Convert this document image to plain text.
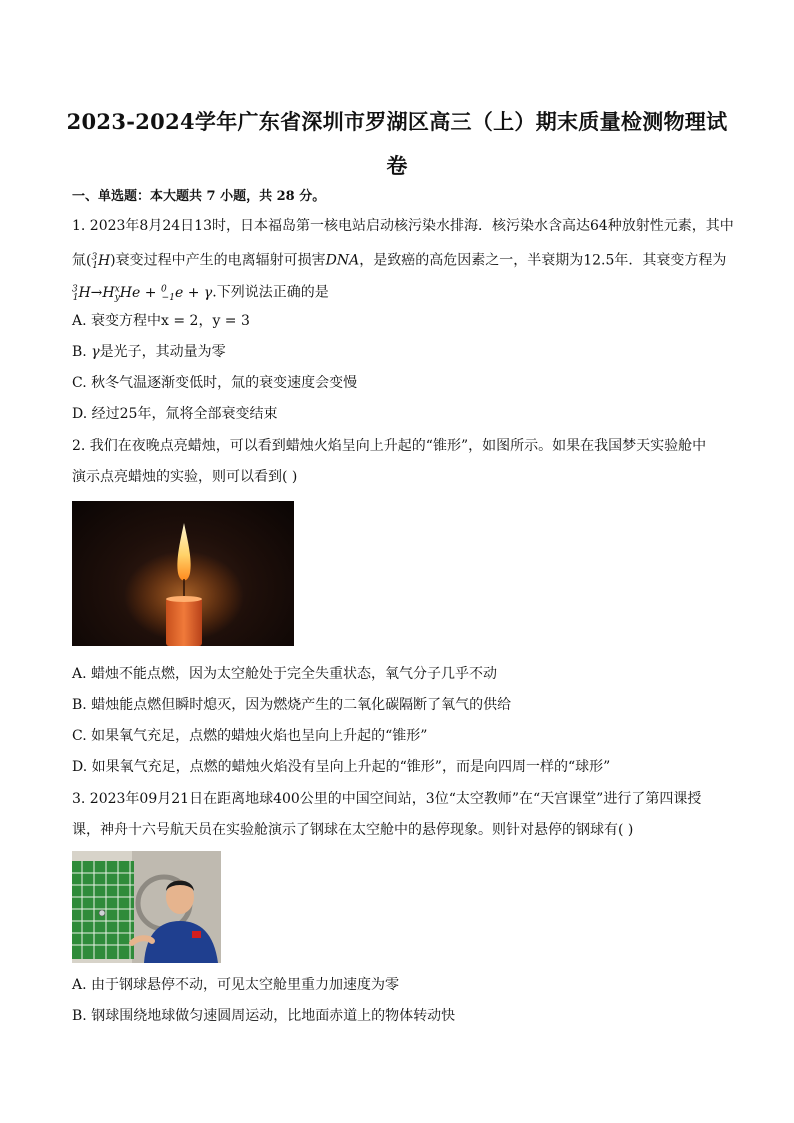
2023-2024学年广东省深圳市罗湖区高三（上）期末质量检测物理试
卷
一、单选题：本大题共 7 小题，共 28 分。
1. 2023年8月24日13时，日本福岛第一核电站启动核污染水排海．核污染水含高达64种放射性元素，其中
氚($^3_1$H)衰变过程中产生的电离辐射可损害DNA，是致癌的高危因素之一，半衰期为12.5年．其衰变方程为
$^3_1H\to H^x_yHe + ^0_{-1}e + \gamma$.下列说法正确的是
A. 衰变方程中x = 2，y = 3
B. γ是光子，其动量为零
C. 秋冬气温逐渐变低时，氚的衰变速度会变慢
D. 经过25年，氚将全部衰变结束
2. 我们在夜晚点亮蜡烛，可以看到蜡烛火焰呈向上升起的“锥形”，如图所示。如果在我国梦天实验舱中
演示点亮蜡烛的实验，则可以看到( )
A. 蜡烛不能点燃，因为太空舱处于完全失重状态，氧气分子几乎不动
B. 蜡烛能点燃但瞬时熄灭，因为燃烧产生的二氧化碳隔断了氧气的供给
C. 如果氧气充足，点燃的蜡烛火焰也呈向上升起的“锥形”
D. 如果氧气充足，点燃的蜡烛火焰没有呈向上升起的“锥形”，而是向四周一样的“球形”
3. 2023年09月21日在距离地球400公里的中国空间站，3位“太空教师”在“天宫课堂”进行了第四课授
课，神舟十六号航天员在实验舱演示了钢球在太空舱中的悬停现象。则针对悬停的钢球有( )
A. 由于钢球悬停不动，可见太空舱里重力加速度为零
B. 钢球围绕地球做匀速圆周运动，比地面赤道上的物体转动快
